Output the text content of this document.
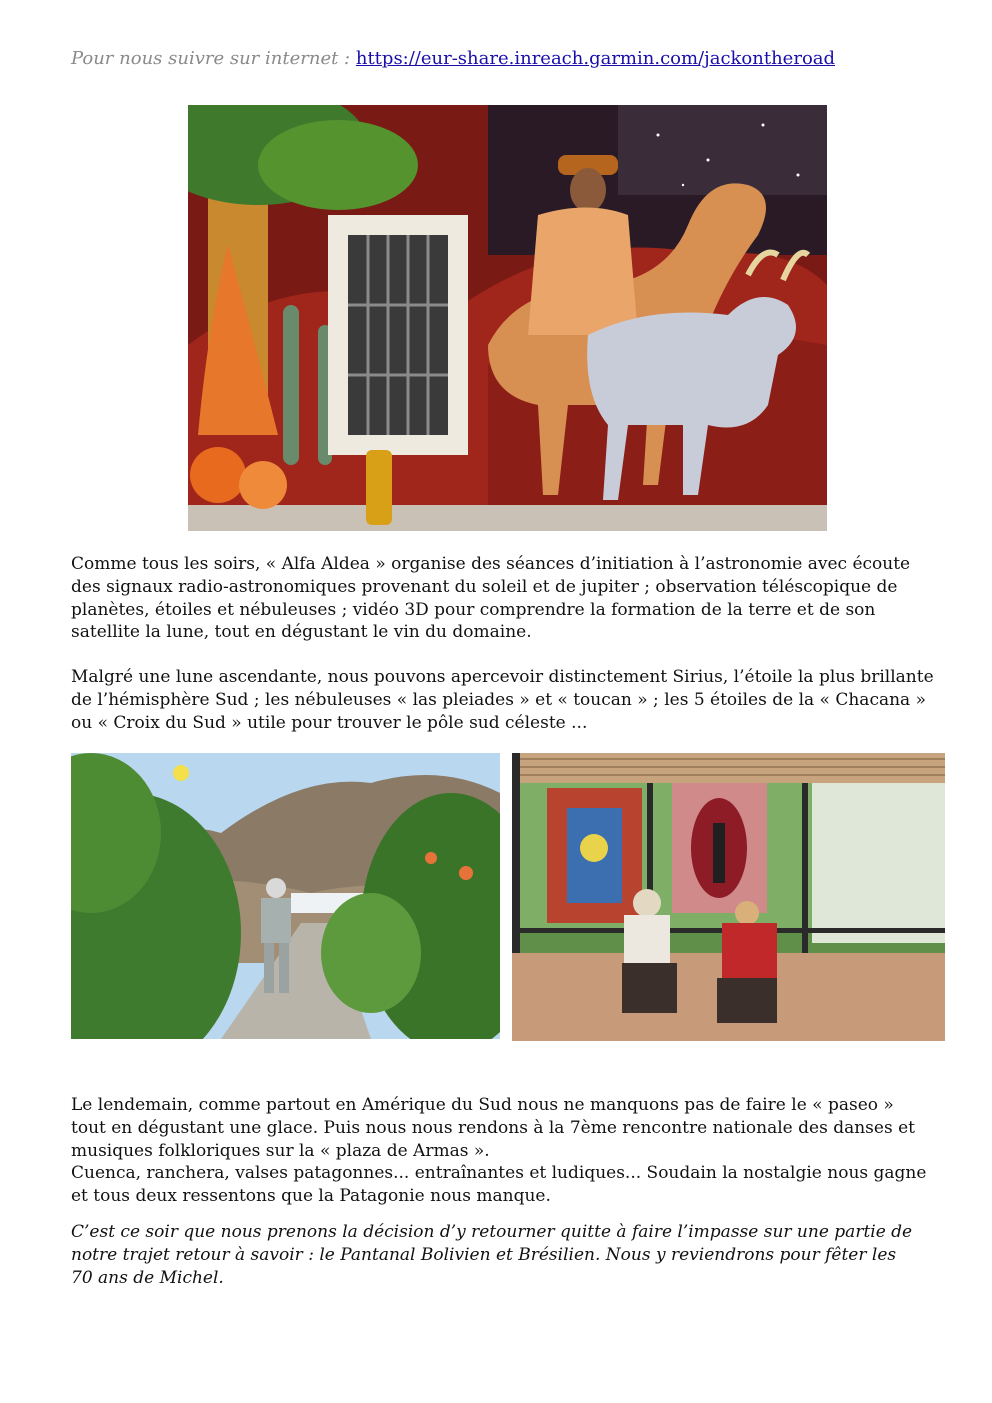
Pour nous suivre sur internet : https://eur-share.inreach.garmin.com/jackontheroad

Comme tous les soirs, « Alfa Aldea » organise des séances d’initiation à l’astronomie avec écoute
des signaux radio-astronomiques provenant du soleil et de jupiter ; observation téléscopique de
planètes, étoiles et nébuleuses ; vidéo 3D pour comprendre la formation de la terre et de son
satellite la lune, tout en dégustant le vin du domaine.

Malgré une lune ascendante, nous pouvons apercevoir distinctement Sirius, l’étoile la plus brillante
de l’hémisphère Sud ; les nébuleuses « las pleiades » et « toucan » ; les 5 étoiles de la « Chacana »
ou « Croix du Sud » utile pour trouver le pôle sud céleste ...

Le lendemain, comme partout en Amérique du Sud nous ne manquons pas de faire le « paseo »
tout en dégustant une glace. Puis nous nous rendons à la 7ème rencontre nationale des danses et
musiques folkloriques sur la « plaza de Armas ».
Cuenca, ranchera, valses patagonnes... entraînantes et ludiques... Soudain la nostalgie nous gagne
et tous deux ressentons que la Patagonie nous manque.

C’est ce soir que nous prenons la décision d’y retourner quitte à faire l’impasse sur une partie de
notre trajet retour à savoir : le Pantanal Bolivien et Brésilien. Nous y reviendrons pour fêter les
70 ans de Michel.
